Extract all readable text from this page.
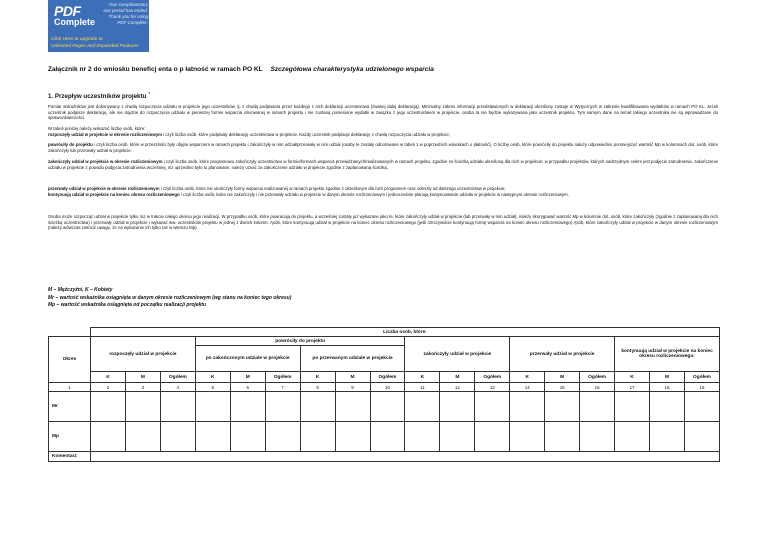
PDF
Complete
Your complimentary
use period has ended.
Thank you for using
PDF Complete.
Click Here to upgrade to
Unlimited Pages and Expanded Features
Załącznik nr 2 do wniosku beneficj enta o p łatność w ramach PO KL Szczegółowa charakterystyka udzielonego wsparcia
1. Przepływ uczestników projektu *
Pomiar wskaźników jest dokonywany z chwilą rozpoczęcia udziału w projekcie jego uczestników, tj. z chwilą podpisania przez każdego z nich deklaracji uczestnictwa (zwanej dalej deklaracją). Minimalny zakres informacji przedstawionych w deklaracji określony zostaje w Wytycznych w zakresie kwalifikowania wydatków w ramach PO KL. Jeżeli uczestnik podpisze deklarację, ale nie dojdzie do rozpoczęcia udziału w pierwszej formie wsparcia oferowanej w ramach projektu i nie zostaną poniesione wydatki w związku z jego uczestnictwem w projekcie, osoba ta nie będzie wykazywana jako uczestnik projektu. Tym samym dane na temat takiego uczestnika nie są wprowadzane do sprawozdawczości.
W tabeli poniżej należy wskazać liczbę osób, które:
rozpoczęły udział w projekcie w okresie rozliczeniowym i czyli liczba osób, które podpisały deklarację uczestnictwa w projekcie. Każdy uczestnik podpisuje deklarację z chwilą rozpoczęcia udziału w projekcie;
powróciły do projektu i czyli liczba osób, które w przeszłości były objęte wsparciem w ramach projektu i zakończyły w nim udział/przerwały w nim udział (osoby te zostały odnotowane w tabeli 1 w poprzednich wnioskach o płatność). O liczbę osób, które powróciły do projektu należy odpowiednio pomniejszyć wartość Mp w kolumnach dot. osób, które zakończyły lub przerwały udział w projekcie.
zakończyły udział w projekcie w okresie rozliczeniowym i czyli liczba osób, które programowo zakończyły uczestnictwo w formie/formach wsparcia przewidzianych/realizowanych w ramach projektu, zgodnie ze ścieżką udziału określoną dla nich w projekcie; w przypadku projektów, których nadrzędnym celem jest podjęcie zatrudnienia, zakończenie udziału w projekcie z powodu podjęcia zatrudnienia wcześniej, niż uprzednio było to planowane, należy uznać za zakończenie udziału w projekcie zgodnie z zaplanowaną ścieżką.
przerwały udział w projekcie w okresie rozliczeniowym i czyli liczba osób, które nie ukończyły formy wsparcia realizowanej w ramach projektu zgodnie z określonym dla nich programem oraz odeszły od dalszego uczestnictwa w projekcie;
kontynuują udział w projekcie na koniec okresu rozliczeniowego i czyli liczba osób, które nie zakończyły i nie przerwały udziału w projekcie w danym okresie rozliczeniowym i jednocześnie planują kontynuowanie udziału w projekcie w następnym okresie rozliczeniowym.
Osoba może rozpocząć udział w projekcie tylko raz w trakcie całego okresu jego realizacji. W przypadku osób, które powracają do projektu, a wcześniej zostały już wykazane jako te, które zakończyły udział w projekcie (lub przerwały w nim udział), należy skorygować wartość Mp w kolumnie dot. osób, które zakończyły (zgodnie z zaplanowaną dla nich ścieżką uczestnictwa) i przerwały udział w projekcie i wykazać ww. uczestników projektu w jednej z dwóch kolumn: Ąsób, które kontynuują udział w projekcie na koniec okresu rozliczeniowego (jeśli rzeczywiście kontynuują formę wsparcia na koniec okresu rozliczeniowego) Ąsób, które zakończyły udział w projekcie w danym okresie rozliczeniowym (należy wówczas zwrócić uwagę, że na wykazanie ich tylko raz w wierszu Mp).
M – Mężczyźni, K – Kobiety
Mr – wartość wskaźnika osiągnięta w danym okresie rozliczeniowym (wg stanu na koniec tego okresu)
Mp – wartość wskaźnika osiągnięta od początku realizacji projektu
	Liczba osób, które:																	
Okres	rozpoczęły udział w projekcie			powróciły do projektu						zakończyły udział w projekcie			przerwały udział w projekcie			kontynuują udział w projekcie na koniec okresu rozliczeniowego:		
				po zakończonym udziale w projekcie			po przerwanym udziale w projekcie											
	K	M	Ogółem	K	M	Ogółem	K	M	Ogółem	K	M	Ogółem	K	M	Ogółem	K	M	Ogółem
1	2	3	4	5	6	7	8	9	10	11	12	13	14	15	16	17	18	19
Mr																		
Mp																		
Komentarz																		
